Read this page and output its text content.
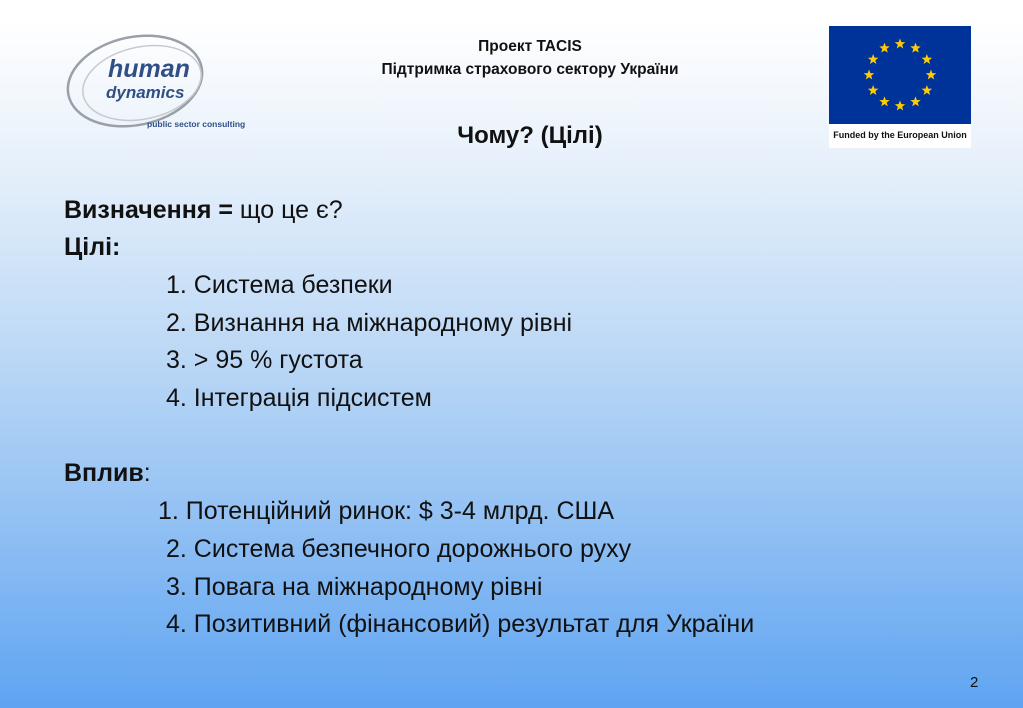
human
dynamics
public sector consulting
Проект TACIS
Підтримка страхового сектору України
Чому? (Цілі)	Funded by the European Union
Визначення = що це є?
Цілі:
1. Система безпеки
2. Визнання на міжнародному рівні
3. > 95 % густота
4. Інтеграція підсистем
Вплив:
1. Потенційний ринок: $ 3-4 млрд. США
2. Система безпечного дорожнього руху
3. Повага на міжнародному рівні
4. Позитивний (фінансовий) результат для України
2
